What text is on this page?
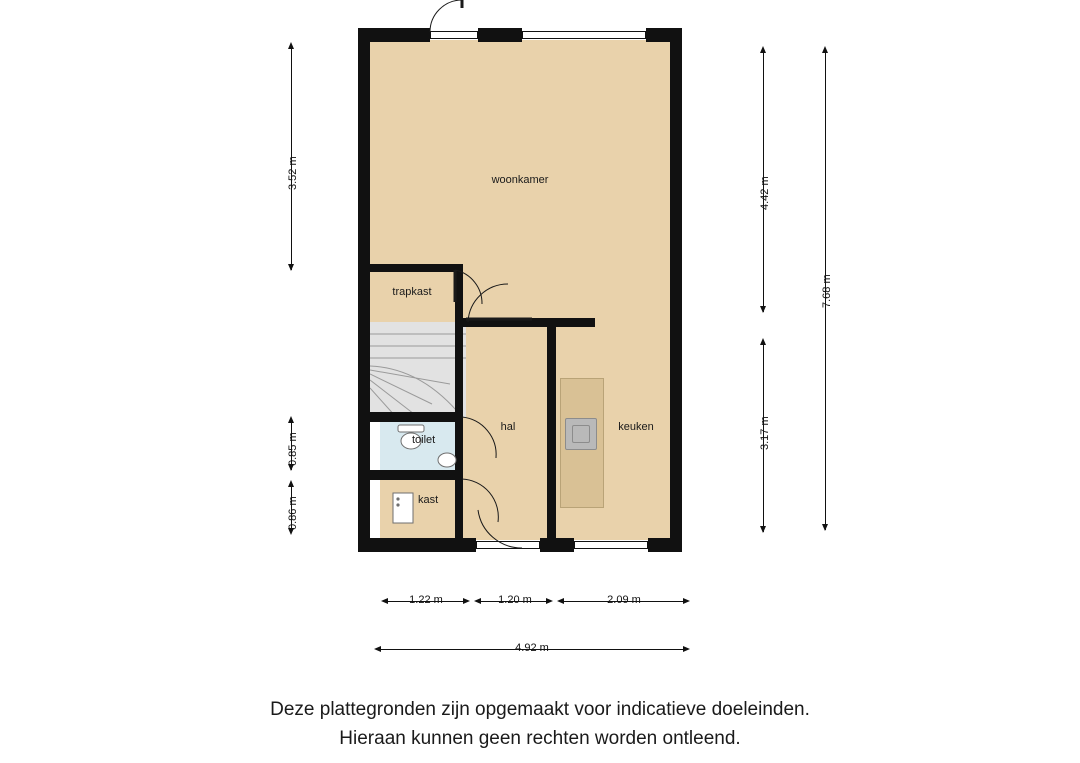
woonkamer
trapkast
hal	keuken
toilet
kast
3.52 m
0.85 m
0.86 m
4.42 m
3.17 m
7.68 m
1.22 m	1.20 m	2.09 m
4.92 m
Deze plattegronden zijn opgemaakt voor indicatieve doeleinden.
Hieraan kunnen geen rechten worden ontleend.
